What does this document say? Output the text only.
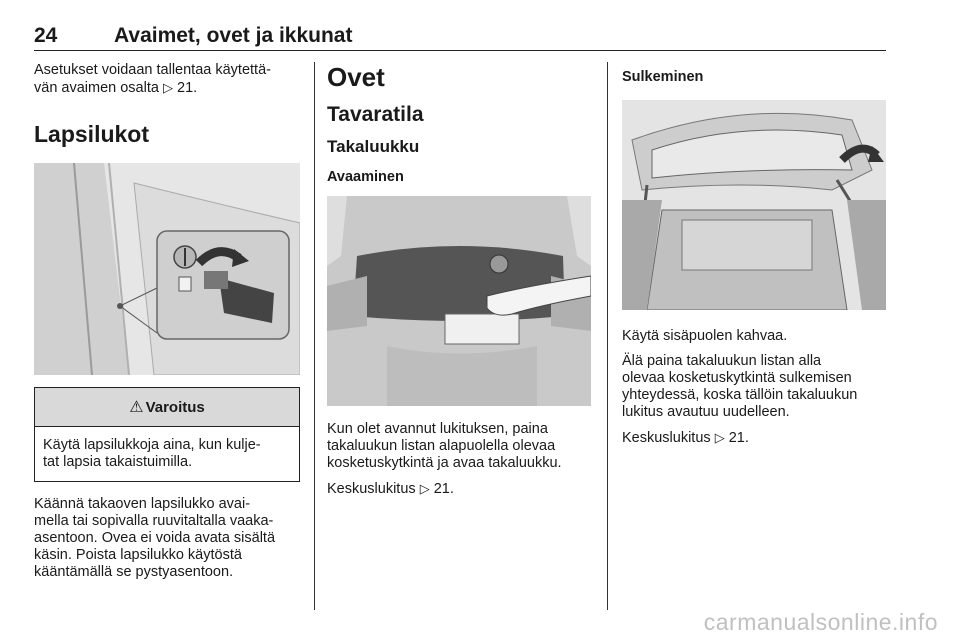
24	Avaimet, ovet ja ikkunat

Asetukset voidaan tallentaa käytettä-
vän avaimen osalta ▷ 21.

Lapsilukot
⚠ Varoitus

Käytä lapsilukkoja aina, kun kulje-
tat lapsia takaistuimilla.

Käännä takaoven lapsilukko avai-
mella tai sopivalla ruuvitaltalla vaaka-
asentoon. Ovea ei voida avata sisältä
käsin. Poista lapsilukko käytöstä
kääntämällä se pystyasentoon.

Ovet
Tavaratila
Takaluukku
Avaaminen

Kun olet avannut lukituksen, paina
takaluukun listan alapuolella olevaa
kosketuskytkintä ja avaa takaluukku.

Keskuslukitus ▷ 21.

Sulkeminen

Käytä sisäpuolen kahvaa.

Älä paina takaluukun listan alla
olevaa kosketuskytkintä sulkemisen
yhteydessä, koska tällöin takaluukun
lukitus avautuu uudelleen.

Keskuslukitus ▷ 21.

carmanualsonline.info
